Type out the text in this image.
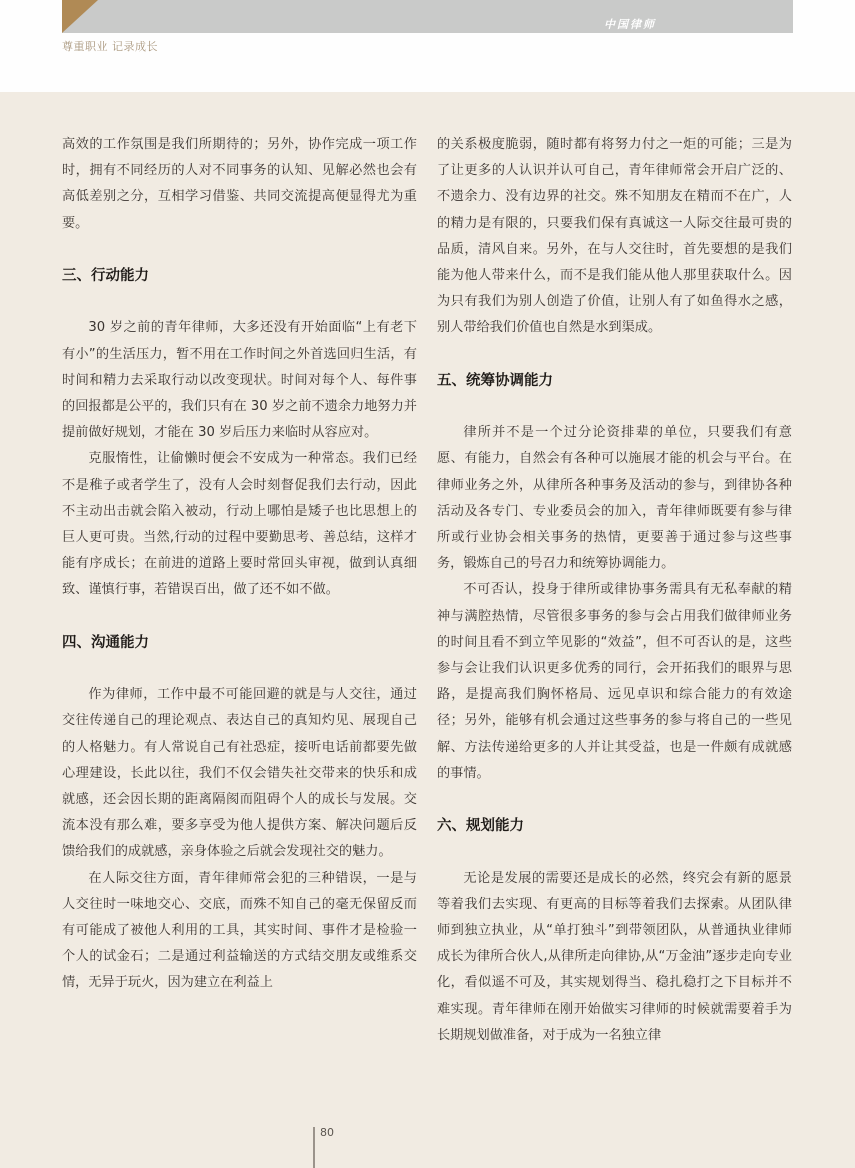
中国律师
尊重职业 记录成长

高效的工作氛围是我们所期待的；另外，协作完成一项工作时，拥有不同经历的人对不同事务的认知、见解必然也会有高低差别之分，互相学习借鉴、共同交流提高便显得尤为重要。

三、行动能力

30 岁之前的青年律师，大多还没有开始面临“上有老下有小”的生活压力，暂不用在工作时间之外首选回归生活，有时间和精力去采取行动以改变现状。时间对每个人、每件事的回报都是公平的，我们只有在 30 岁之前不遗余力地努力并提前做好规划，才能在 30 岁后压力来临时从容应对。

克服惰性，让偷懒时便会不安成为一种常态。我们已经不是稚子或者学生了，没有人会时刻督促我们去行动，因此不主动出击就会陷入被动，行动上哪怕是矮子也比思想上的巨人更可贵。当然,行动的过程中要勤思考、善总结，这样才能有序成长；在前进的道路上要时常回头审视，做到认真细致、谨慎行事，若错误百出，做了还不如不做。

四、沟通能力

作为律师，工作中最不可能回避的就是与人交往，通过交往传递自己的理论观点、表达自己的真知灼见、展现自己的人格魅力。有人常说自己有社恐症，接听电话前都要先做心理建设，长此以往，我们不仅会错失社交带来的快乐和成就感，还会因长期的距离隔阂而阻碍个人的成长与发展。交流本没有那么难，要多享受为他人提供方案、解决问题后反馈给我们的成就感，亲身体验之后就会发现社交的魅力。

在人际交往方面，青年律师常会犯的三种错误，一是与人交往时一味地交心、交底，而殊不知自己的毫无保留反而有可能成了被他人利用的工具，其实时间、事件才是检验一个人的试金石；二是通过利益输送的方式结交朋友或维系交情，无异于玩火，因为建立在利益上

的关系极度脆弱，随时都有将努力付之一炬的可能；三是为了让更多的人认识并认可自己，青年律师常会开启广泛的、不遗余力、没有边界的社交。殊不知朋友在精而不在广，人的精力是有限的，只要我们保有真诚这一人际交往最可贵的品质，清风自来。另外，在与人交往时，首先要想的是我们能为他人带来什么，而不是我们能从他人那里获取什么。因为只有我们为别人创造了价值，让别人有了如鱼得水之感，别人带给我们价值也自然是水到渠成。

五、统筹协调能力

律所并不是一个过分论资排辈的单位，只要我们有意愿、有能力，自然会有各种可以施展才能的机会与平台。在律师业务之外，从律所各种事务及活动的参与，到律协各种活动及各专门、专业委员会的加入，青年律师既要有参与律所或行业协会相关事务的热情，更要善于通过参与这些事务，锻炼自己的号召力和统筹协调能力。

不可否认，投身于律所或律协事务需具有无私奉献的精神与满腔热情，尽管很多事务的参与会占用我们做律师业务的时间且看不到立竿见影的“效益”，但不可否认的是，这些参与会让我们认识更多优秀的同行，会开拓我们的眼界与思路，是提高我们胸怀格局、远见卓识和综合能力的有效途径；另外，能够有机会通过这些事务的参与将自己的一些见解、方法传递给更多的人并让其受益，也是一件颇有成就感的事情。

六、规划能力

无论是发展的需要还是成长的必然，终究会有新的愿景等着我们去实现、有更高的目标等着我们去探索。从团队律师到独立执业，从“单打独斗”到带领团队，从普通执业律师成长为律所合伙人,从律所走向律协,从“万金油”逐步走向专业化，看似遥不可及，其实规划得当、稳扎稳打之下目标并不难实现。青年律师在刚开始做实习律师的时候就需要着手为长期规划做准备，对于成为一名独立律

80
